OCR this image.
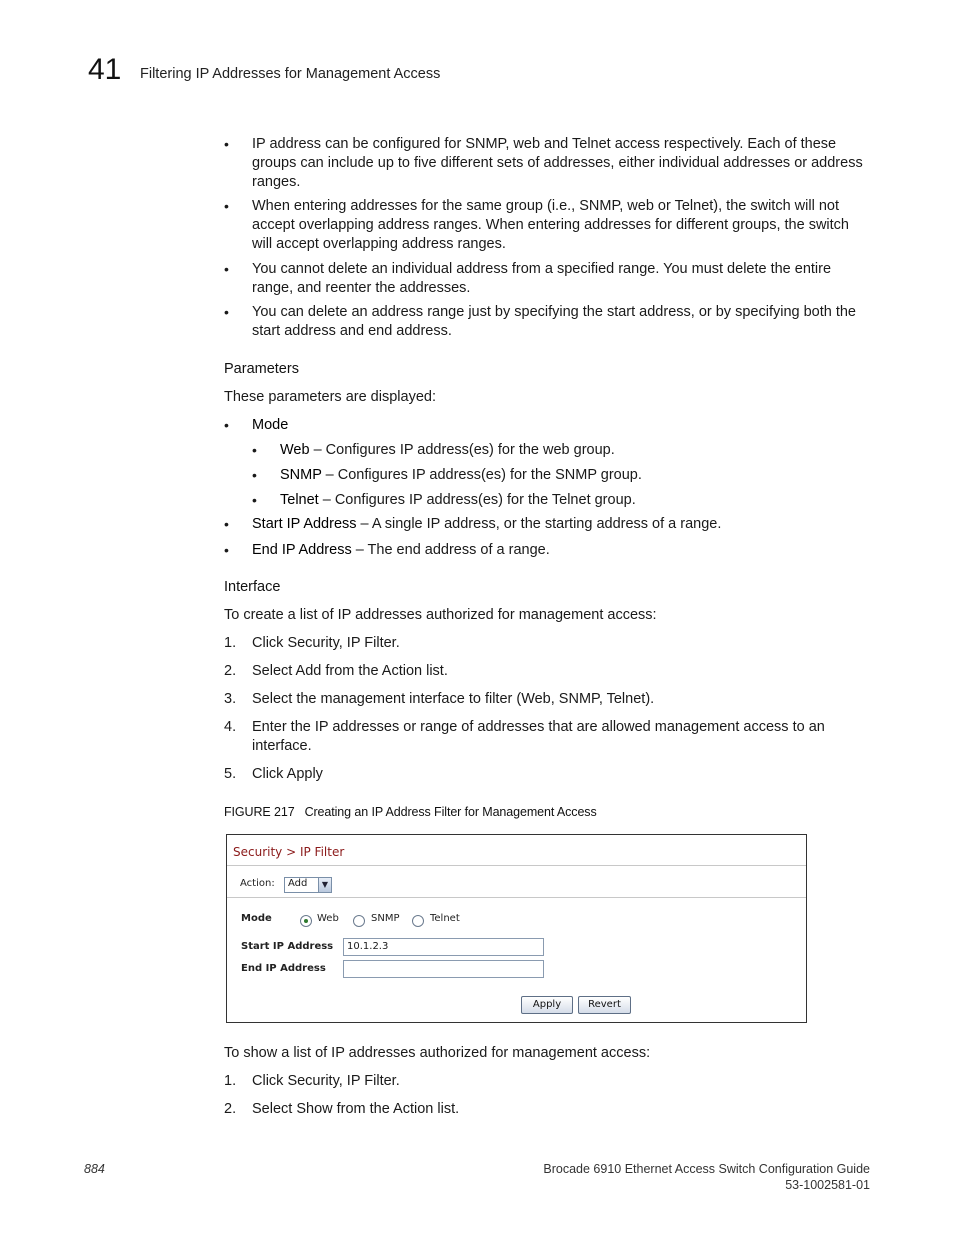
41 Filtering IP Addresses for Management Access
• IP address can be configured for SNMP, web and Telnet access respectively. Each of these groups can include up to five different sets of addresses, either individual addresses or address ranges.
• When entering addresses for the same group (i.e., SNMP, web or Telnet), the switch will not accept overlapping address ranges. When entering addresses for different groups, the switch will accept overlapping address ranges.
• You cannot delete an individual address from a specified range. You must delete the entire range, and reenter the addresses.
• You can delete an address range just by specifying the start address, or by specifying both the start address and end address.
Parameters
These parameters are displayed:
• Mode
• Web – Configures IP address(es) for the web group.
• SNMP – Configures IP address(es) for the SNMP group.
• Telnet – Configures IP address(es) for the Telnet group.
• Start IP Address – A single IP address, or the starting address of a range.
• End IP Address – The end address of a range.
Interface
To create a list of IP addresses authorized for management access:
1. Click Security, IP Filter.
2. Select Add from the Action list.
3. Select the management interface to filter (Web, SNMP, Telnet).
4. Enter the IP addresses or range of addresses that are allowed management access to an interface.
5. Click Apply
FIGURE 217 Creating an IP Address Filter for Management Access
To show a list of IP addresses authorized for management access:
1. Click Security, IP Filter.
2. Select Show from the Action list.
Security > IP Filter
Action: Add	▼
Mode	Web	SNMP	Telnet
Start IP Address 10.1.2.3
End IP Address
Apply	Revert
884	Brocade 6910 Ethernet Access Switch Configuration Guide
53-1002581-01
